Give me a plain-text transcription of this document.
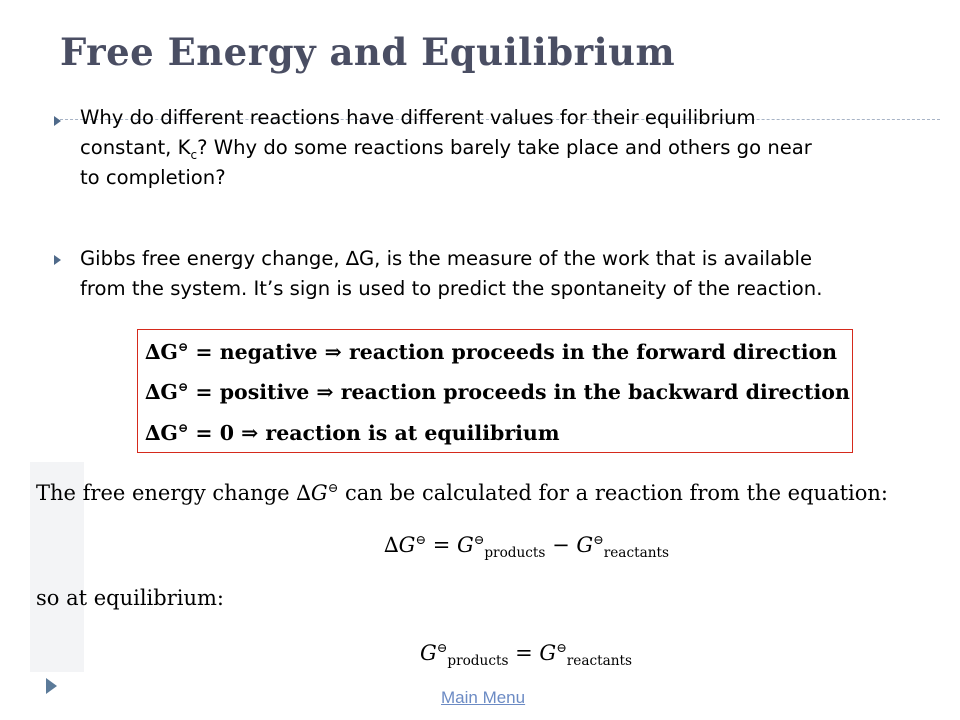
Free Energy and Equilibrium
Why do different reactions have different values for their equilibrium
constant, $K_c$? Why do some reactions barely take place and others go near
to completion?
Gibbs free energy change, ∆G, is the measure of the work that is available
from the system. It’s sign is used to predict the spontaneity of the reaction.
∆G⊖ = negative ⇒ reaction proceeds in the forward direction
∆G⊖ = positive ⇒ reaction proceeds in the backward direction
∆G⊖ = 0 ⇒ reaction is at equilibrium
The free energy change ∆G⊖ can be calculated for a reaction from the equation:
$\Delta G^⊖ = G^⊖_{products} - G^⊖_{reactants}$
so at equilibrium:
$G^⊖_{products} = G^⊖_{reactants}$
Main Menu
